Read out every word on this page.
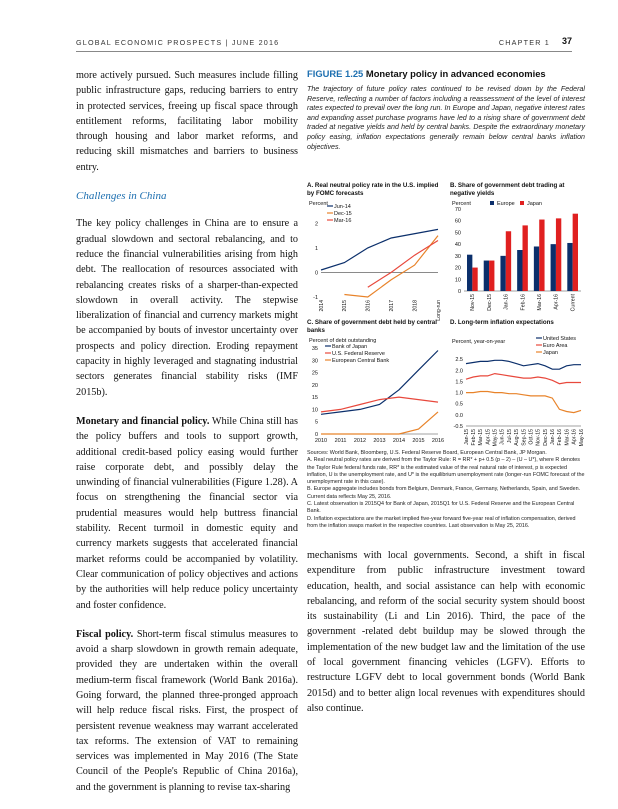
GLOBAL ECONOMIC PROSPECTS | JUNE 2016	CHAPTER 1 37

more actively pursued. Such measures include filling public infrastructure gaps, reducing barriers to entry in protected services, freeing up fiscal space through entitlement reforms, facilitating labor mobility through housing and labor market reforms, and reducing skill mismatches and barriers to business entry.

Challenges in China

The key policy challenges in China are to ensure a gradual slowdown and sectoral rebalancing, and to reduce the financial vulnerabilities arising from high debt. The reallocation of resources associated with rebalancing creates risks of a sharper-than-expected slowdown in overall activity. The stepwise liberalization of financial and currency markets might be accompanied by bouts of investor uncertainty over prospects and policy direction. Eroding repayment capacity in highly leveraged and stagnating industrial sectors generates financial stability risks (IMF 2015b).

Monetary and financial policy. While China still has the policy buffers and tools to support growth, additional credit-based policy easing would further raise corporate debt, and possibly delay the unwinding of financial vulnerabilities (Figure 1.28). A focus on strengthening the financial sector via prudential measures would help buttress financial stability. Recent turmoil in domestic equity and currency markets suggests that accelerated financial market reforms could be accompanied by volatility. Clear communication of policy objectives and actions by the authorities will help reduce policy uncertainty and foster confidence.

Fiscal policy. Short-term fiscal stimulus measures to avoid a sharp slowdown in growth remain adequate, provided they are undertaken within the overall medium-term fiscal framework (World Bank 2016a). Going forward, the planned three-pronged approach will help reduce fiscal risks. First, the prospect of persistent revenue weakness may warrant accelerated tax reforms. The extension of VAT to remaining services was implemented in May 2016 (The State Council of the People's Republic of China 2016a), and the government is planning to revise tax-sharing

FIGURE 1.25 Monetary policy in advanced economies
The trajectory of future policy rates continued to be revised down by the Federal Reserve, reflecting a number of factors including a reassessment of the level of interest rates expected to prevail over the long run. In Europe and Japan, negative interest rates and expanding asset purchase programs have led to a rising share of government debt traded at negative yields and held by central banks. Despite the extraordinary monetary policy easing, inflation expectations generally remain below central banks inflation objectives.
A. Real neutral policy rate in the U.S. implied by FOMC forecasts
Percent
-1
0
1
2
2014	2015	2016	2017	2018	Long-run
Jun-14
Dec-15
Mar-16
B. Share of government debt trading at negative yields
Percent
0
10
20
30
40
50
60
70
Nov-15 Dec-15 Jan-16 Feb-16 Mar-16 Apr-16 Current
Europe Japan
C. Share of government debt held by central banks
Percent of debt outstanding
0
5
10
15
20
25
30
35
2010 2011 2012 2013 2014 2015 2016
Bank of Japan
U.S. Federal Reserve
European Central Bank
D. Long-term inflation expectations
Percent, year-on-year
-0.5
0.0
0.5
1.0
1.5
2.0
2.5
Jan-15 Feb-15 Mar-15 Apr-15 May-15 Jun-15 Jul-15 Aug-15 Sep-15 Oct-15 Nov-15 Dec-15 Jan-16 Feb-16 Mar-16 Apr-16 May-16
United States
Euro Area
Japan
Sources: World Bank, Bloomberg, U.S. Federal Reserve Board, European Central Bank, JP Morgan.
A. Real neutral policy rates are derived from the Taylor Rule: R = RR* + p+ 0.5 (p – 2) – (U – U*), where R denotes the Taylor Rule federal funds rate, RR* is the estimated value of the real natural rate of interest, p is expected inflation, U is the unemployment rate, and U* is the equilibrium unemployment rate (longer-run FOMC forecast of the unemployment rate in this case).
B. Europe aggregate includes bonds from Belgium, Denmark, France, Germany, Netherlands, Spain, and Sweden. Current data reflects May 25, 2016.
C. Latest observation is 2015Q4 for Bank of Japan, 2015Q1 for U.S. Federal Reserve and the European Central Bank.
D. Inflation expectations are the market implied five-year forward five-year real of inflation compensation, derived from the inflation swaps market in the respective countries. Last observation is May 25, 2016.

mechanisms with local governments. Second, a shift in fiscal expenditure from public infrastructure investment toward education, health, and social assistance can help with economic rebalancing, and reform of the social security system should boost its sustainability (Li and Lin 2016). Third, the pace of the government -related debt buildup may be slowed through the implementation of the new budget law and the limitation of the use of local government financing vehicles (LGFV). Efforts to restructure LGFV debt to local government bonds (World Bank 2015d) and to better align local revenues with expenditures should also continue.
